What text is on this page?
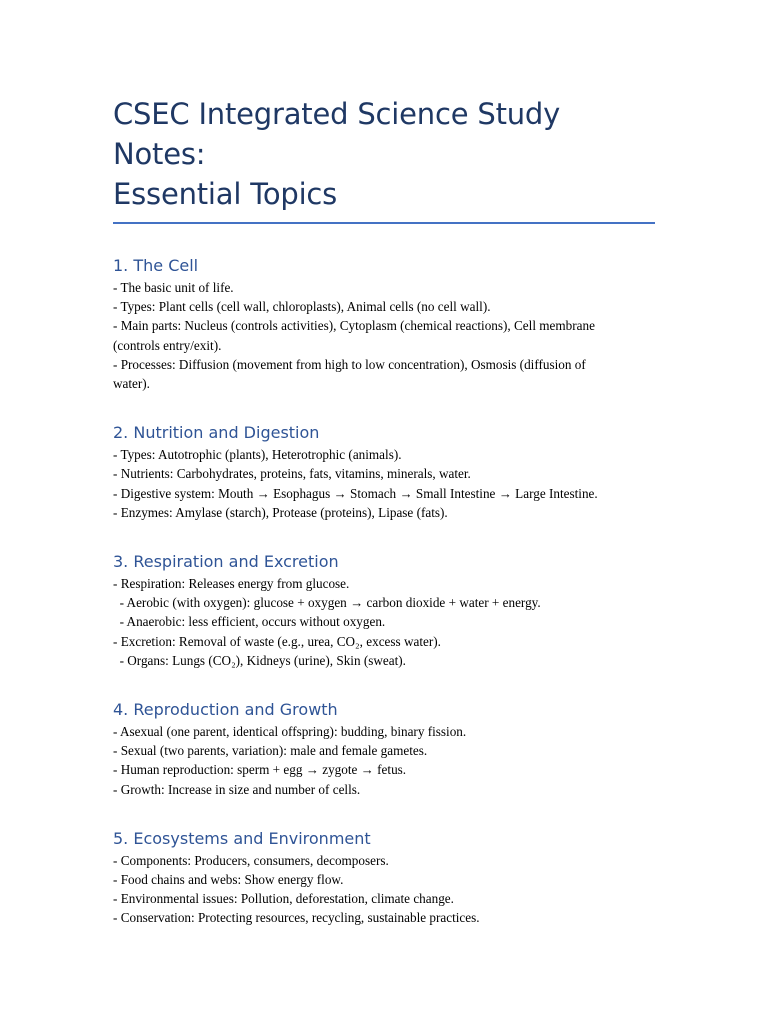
CSEC Integrated Science Study Notes:
Essential Topics
1. The Cell
- The basic unit of life.
- Types: Plant cells (cell wall, chloroplasts), Animal cells (no cell wall).
- Main parts: Nucleus (controls activities), Cytoplasm (chemical reactions), Cell membrane
(controls entry/exit).
- Processes: Diffusion (movement from high to low concentration), Osmosis (diffusion of
water).
2. Nutrition and Digestion
- Types: Autotrophic (plants), Heterotrophic (animals).
- Nutrients: Carbohydrates, proteins, fats, vitamins, minerals, water.
- Digestive system: Mouth → Esophagus → Stomach → Small Intestine → Large Intestine.
- Enzymes: Amylase (starch), Protease (proteins), Lipase (fats).
3. Respiration and Excretion
- Respiration: Releases energy from glucose.
- Aerobic (with oxygen): glucose + oxygen → carbon dioxide + water + energy.
- Anaerobic: less efficient, occurs without oxygen.
- Excretion: Removal of waste (e.g., urea, CO₂, excess water).
- Organs: Lungs (CO₂), Kidneys (urine), Skin (sweat).
4. Reproduction and Growth
- Asexual (one parent, identical offspring): budding, binary fission.
- Sexual (two parents, variation): male and female gametes.
- Human reproduction: sperm + egg → zygote → fetus.
- Growth: Increase in size and number of cells.
5. Ecosystems and Environment
- Components: Producers, consumers, decomposers.
- Food chains and webs: Show energy flow.
- Environmental issues: Pollution, deforestation, climate change.
- Conservation: Protecting resources, recycling, sustainable practices.
